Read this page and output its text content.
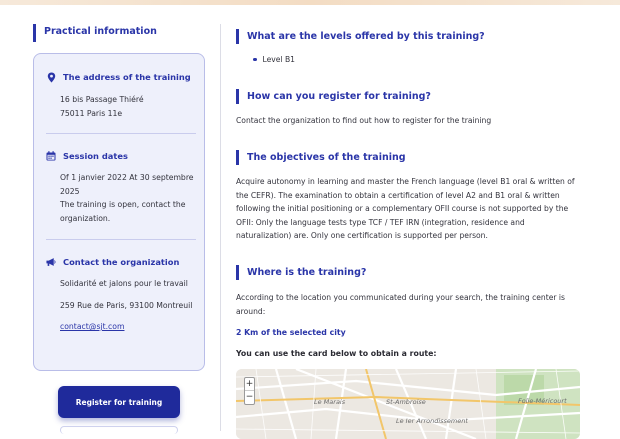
Practical information
The address of the training
16 bis Passage Thiéré
75011 Paris 11e
Session dates
Of 1 janvier 2022 At 30 septembre
2025
The training is open, contact the
organization.
Contact the organization
Solidarité et jalons pour le travail
259 Rue de Paris, 93100 Montreuil
contact@sjt.com
Register for training
What are the levels offered by this training?
Level B1
How can you register for training?
Contact the organization to find out how to register for the training
The objectives of the training
Acquire autonomy in learning and master the French language (level B1 oral & written of
the CEFR). The examination to obtain a certification of level A2 and B1 oral & written
following the initial positioning or a complementary OFII course is not supported by the
OFII: Only the language tests type TCF / TEF IRN (integration, residence and
naturalization) are. Only one certification is supported per person.
Where is the training?
According to the location you communicated during your search, the training center is
around:
2 Km of the selected city
You can use the card below to obtain a route:
+
−	Le Marais	St-Ambroise
Le Ier Arrondissement
Folie-Méricourt
